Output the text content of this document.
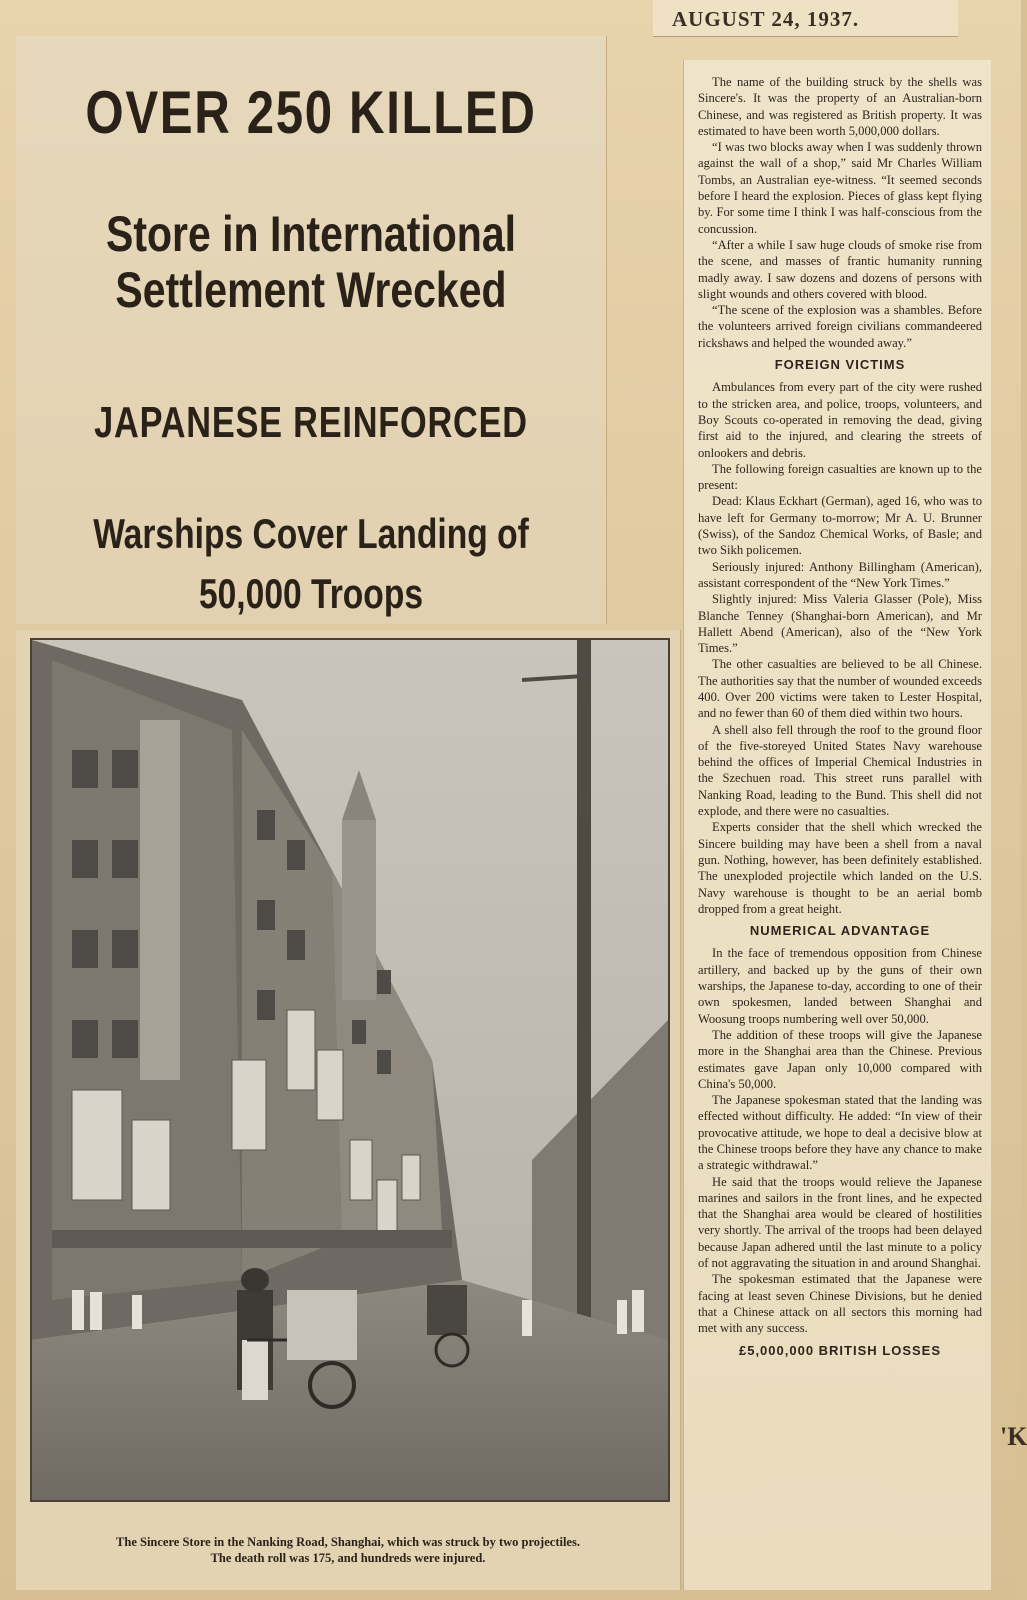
AUGUST 24, 1937.
OVER 250 KILLED
Store in International Settlement Wrecked
JAPANESE REINFORCED
Warships Cover Landing of 50,000 Troops
The Sincere Store in the Nanking Road, Shanghai, which was struck by two projectiles.
The death roll was 175, and hundreds were injured.

The name of the building struck by the shells was Sincere's. It was the property of an Australian-born Chinese, and was registered as British property. It was estimated to have been worth 5,000,000 dollars.

“I was two blocks away when I was suddenly thrown against the wall of a shop,” said Mr Charles William Tombs, an Australian eye-witness. “It seemed seconds before I heard the explosion. Pieces of glass kept flying by. For some time I think I was half-conscious from the concussion.

“After a while I saw huge clouds of smoke rise from the scene, and masses of frantic humanity running madly away. I saw dozens and dozens of persons with slight wounds and others covered with blood.

“The scene of the explosion was a shambles. Before the volunteers arrived foreign civilians commandeered rickshaws and helped the wounded away.”

FOREIGN VICTIMS

Ambulances from every part of the city were rushed to the stricken area, and police, troops, volunteers, and Boy Scouts co-operated in removing the dead, giving first aid to the injured, and clearing the streets of onlookers and debris.

The following foreign casualties are known up to the present:

Dead: Klaus Eckhart (German), aged 16, who was to have left for Germany to-morrow; Mr A. U. Brunner (Swiss), of the Sandoz Chemical Works, of Basle; and two Sikh policemen.

Seriously injured: Anthony Billingham (American), assistant correspondent of the “New York Times.”

Slightly injured: Miss Valeria Glasser (Pole), Miss Blanche Tenney (Shanghai-born American), and Mr Hallett Abend (American), also of the “New York Times.”

The other casualties are believed to be all Chinese. The authorities say that the number of wounded exceeds 400. Over 200 victims were taken to Lester Hospital, and no fewer than 60 of them died within two hours.

A shell also fell through the roof to the ground floor of the five-storeyed United States Navy warehouse behind the offices of Imperial Chemical Industries in the Szechuen road. This street runs parallel with Nanking Road, leading to the Bund. This shell did not explode, and there were no casualties.

Experts consider that the shell which wrecked the Sincere building may have been a shell from a naval gun. Nothing, however, has been definitely established. The unexploded projectile which landed on the U.S. Navy warehouse is thought to be an aerial bomb dropped from a great height.

NUMERICAL ADVANTAGE

In the face of tremendous opposition from Chinese artillery, and backed up by the guns of their own warships, the Japanese to-day, according to one of their own spokesmen, landed between Shanghai and Woosung troops numbering well over 50,000.

The addition of these troops will give the Japanese more in the Shanghai area than the Chinese. Previous estimates gave Japan only 10,000 compared with China's 50,000.

The Japanese spokesman stated that the landing was effected without difficulty. He added: “In view of their provocative attitude, we hope to deal a decisive blow at the Chinese troops before they have any chance to make a strategic withdrawal.”

He said that the troops would relieve the Japanese marines and sailors in the front lines, and he expected that the Shanghai area would be cleared of hostilities very shortly. The arrival of the troops had been delayed because Japan adhered until the last minute to a policy of not aggravating the situation in and around Shanghai.

The spokesman estimated that the Japanese were facing at least seven Chinese Divisions, but he denied that a Chinese attack on all sectors this morning had met with any success.

£5,000,000 BRITISH LOSSES
'K
